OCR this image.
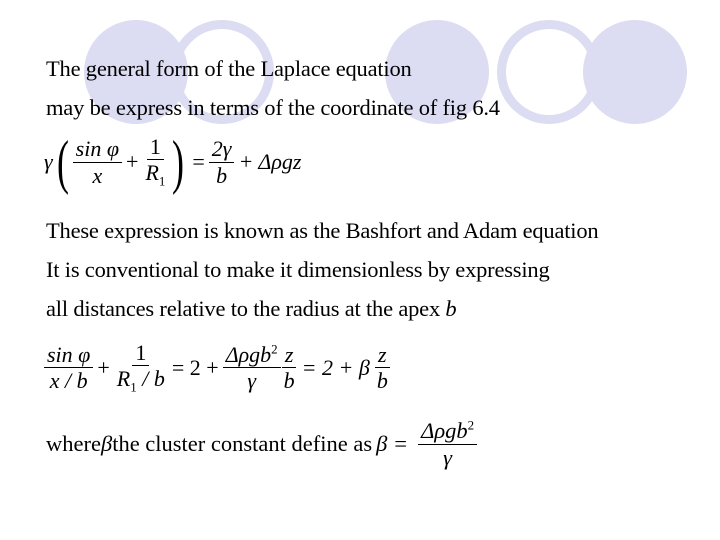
The general form of the Laplace equation
may be express in terms of the coordinate of fig 6.4
γ ( $\frac{\text{sin φ}}{x} + \frac{1}{R_1}$ ) = $\frac{2\gamma}{b} + \Delta\rho gz$
These expression is known as the Bashfort and Adam equation
It is conventional to make it dimensionless by expressing
all distances relative to the radius at the apex b
$\frac{\text{sin φ}}{x / b} + \frac{1}{R_1 / b} = 2 + \frac{\Delta\rho gb^2}{\gamma} \frac{z}{b} = 2 + \beta \frac{z}{b}$
where β the cluster constant define as $\beta = \frac{\Delta\rho gb^2}{\gamma}$
